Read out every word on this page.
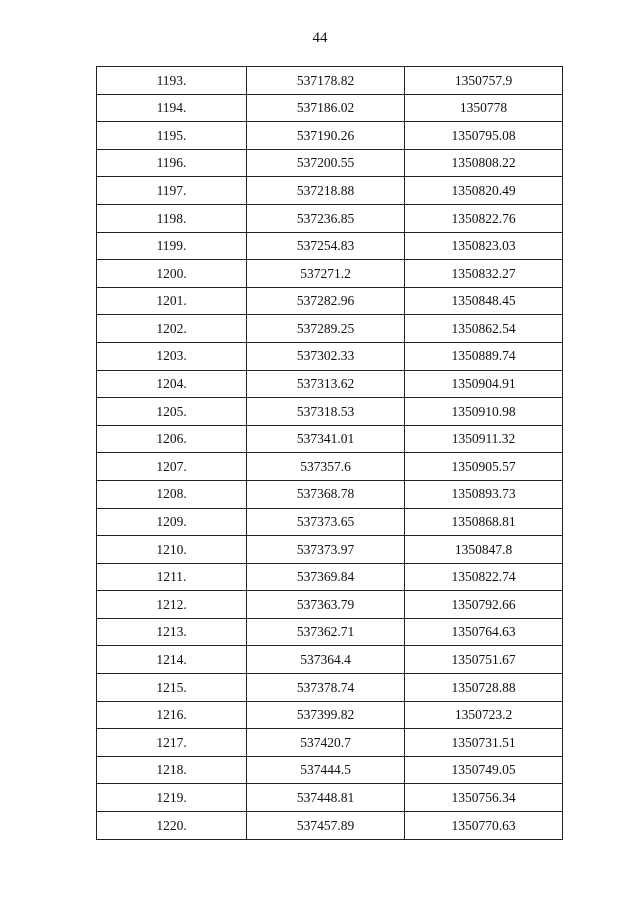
44
1193.	537178.82	1350757.9
1194.	537186.02	1350778
1195.	537190.26	1350795.08
1196.	537200.55	1350808.22
1197.	537218.88	1350820.49
1198.	537236.85	1350822.76
1199.	537254.83	1350823.03
1200.	537271.2	1350832.27
1201.	537282.96	1350848.45
1202.	537289.25	1350862.54
1203.	537302.33	1350889.74
1204.	537313.62	1350904.91
1205.	537318.53	1350910.98
1206.	537341.01	1350911.32
1207.	537357.6	1350905.57
1208.	537368.78	1350893.73
1209.	537373.65	1350868.81
1210.	537373.97	1350847.8
1211.	537369.84	1350822.74
1212.	537363.79	1350792.66
1213.	537362.71	1350764.63
1214.	537364.4	1350751.67
1215.	537378.74	1350728.88
1216.	537399.82	1350723.2
1217.	537420.7	1350731.51
1218.	537444.5	1350749.05
1219.	537448.81	1350756.34
1220.	537457.89	1350770.63
